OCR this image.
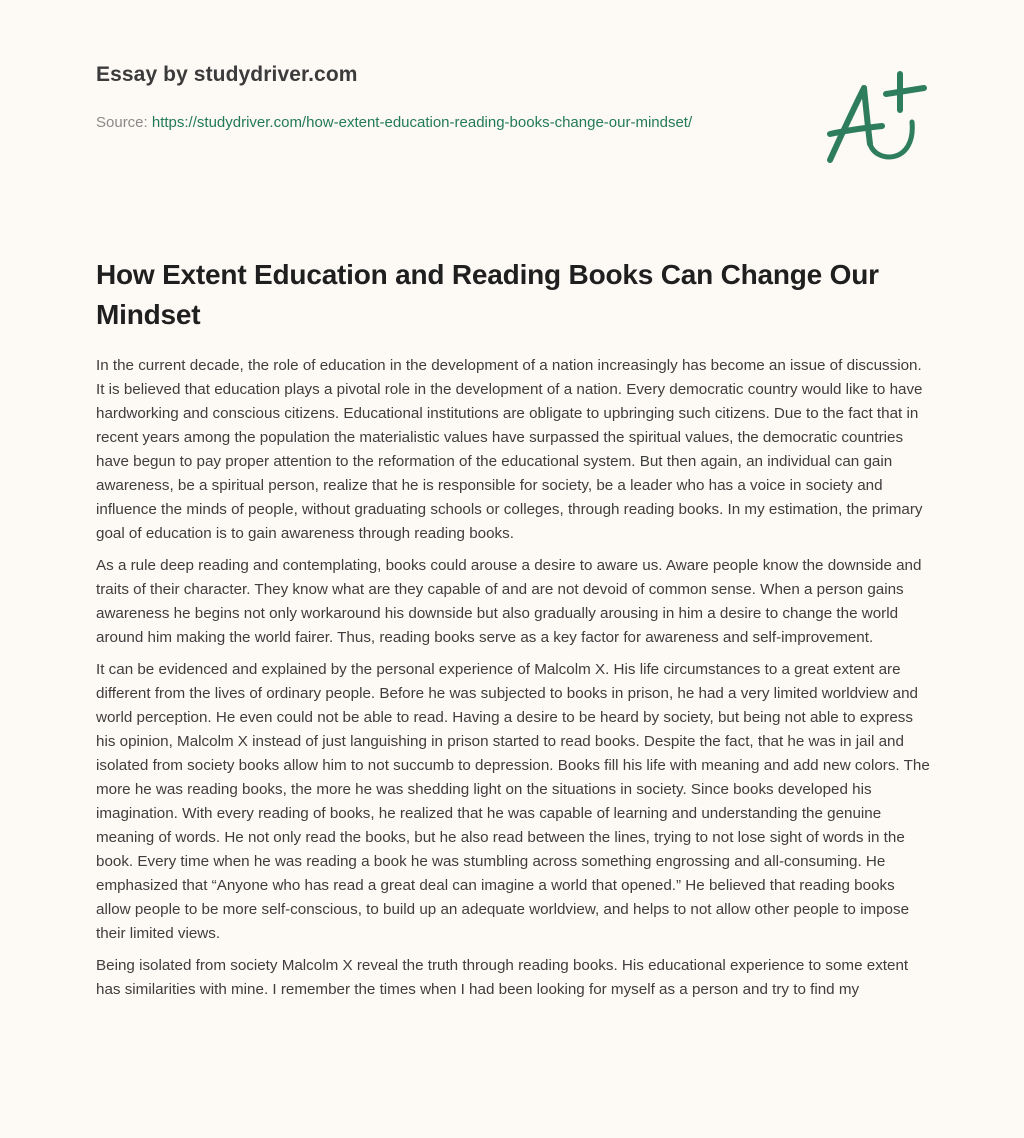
Essay by studydriver.com
Source: https://studydriver.com/how-extent-education-reading-books-change-our-mindset/
How Extent Education and Reading Books Can Change Our Mindset

In the current decade, the role of education in the development of a nation increasingly has become an issue of discussion. It is believed that education plays a pivotal role in the development of a nation. Every democratic country would like to have hardworking and conscious citizens. Educational institutions are obligate to upbringing such citizens. Due to the fact that in recent years among the population the materialistic values have surpassed the spiritual values, the democratic countries have begun to pay proper attention to the reformation of the educational system. But then again, an individual can gain awareness, be a spiritual person, realize that he is responsible for society, be a leader who has a voice in society and influence the minds of people, without graduating schools or colleges, through reading books. In my estimation, the primary goal of education is to gain awareness through reading books.

As a rule deep reading and contemplating, books could arouse a desire to aware us. Aware people know the downside and traits of their character. They know what are they capable of and are not devoid of common sense. When a person gains awareness he begins not only workaround his downside but also gradually arousing in him a desire to change the world around him making the world fairer. Thus, reading books serve as a key factor for awareness and self-improvement.

It can be evidenced and explained by the personal experience of Malcolm X. His life circumstances to a great extent are different from the lives of ordinary people. Before he was subjected to books in prison, he had a very limited worldview and world perception. He even could not be able to read. Having a desire to be heard by society, but being not able to express his opinion, Malcolm X instead of just languishing in prison started to read books. Despite the fact, that he was in jail and isolated from society books allow him to not succumb to depression. Books fill his life with meaning and add new colors. The more he was reading books, the more he was shedding light on the situations in society. Since books developed his imagination. With every reading of books, he realized that he was capable of learning and understanding the genuine meaning of words. He not only read the books, but he also read between the lines, trying to not lose sight of words in the book. Every time when he was reading a book he was stumbling across something engrossing and all-consuming. He emphasized that “Anyone who has read a great deal can imagine a world that opened.” He believed that reading books allow people to be more self-conscious, to build up an adequate worldview, and helps to not allow other people to impose their limited views.

Being isolated from society Malcolm X reveal the truth through reading books. His educational experience to some extent has similarities with mine. I remember the times when I had been looking for myself as a person and try to find my
